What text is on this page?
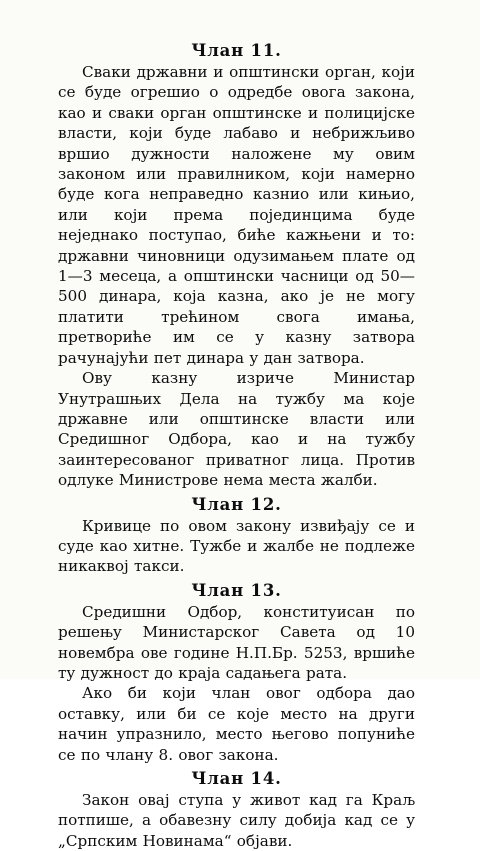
Члан 11.

Сваки државни и општински орган, који се буде огрешио о одредбе овога закона, као и сваки орган општинске и полицијске власти, који буде лабаво и небрижљиво вршио дужности наложене му овим законом или правилником, који намерно буде кога неправедно казнио или кињио, или који према појединцима буде неједнако поступао, биће кажњени и то: државни чиновници одузимањем плате од 1—3 месеца, а општински часници од 50—500 динара, која казна, ако је не могу платити трећином свога имања, претвориће им се у казну затвора рачунајући пет динара у дан затвора.

Ову казну изриче Министар Унутрашњих Дела на тужбу ма које државне или општинске власти или Средишног Одбора, као и на тужбу заинтересованог приватног лица. Против одлуке Министрове нема места жалби.

Члан 12.

Кривице по овом закону извиђају се и суде као хитне. Тужбе и жалбе не подлеже никаквој такси.

Члан 13.

Средишни Одбор, конституисан по решењу Министарског Савета од 10 новембра ове године Н.П.Бр. 5253, вршиће ту дужност до краја садањега рата.

Ако би који члан овог одбора дао оставку, или би се које место на други начин упразнило, место његово попуниће се по члану 8. овог закона.

Члан 14.

Закон овај ступа у живот кад га Краљ потпише, а обавезну силу добија кад се у „Српским Новинама“ објави.
